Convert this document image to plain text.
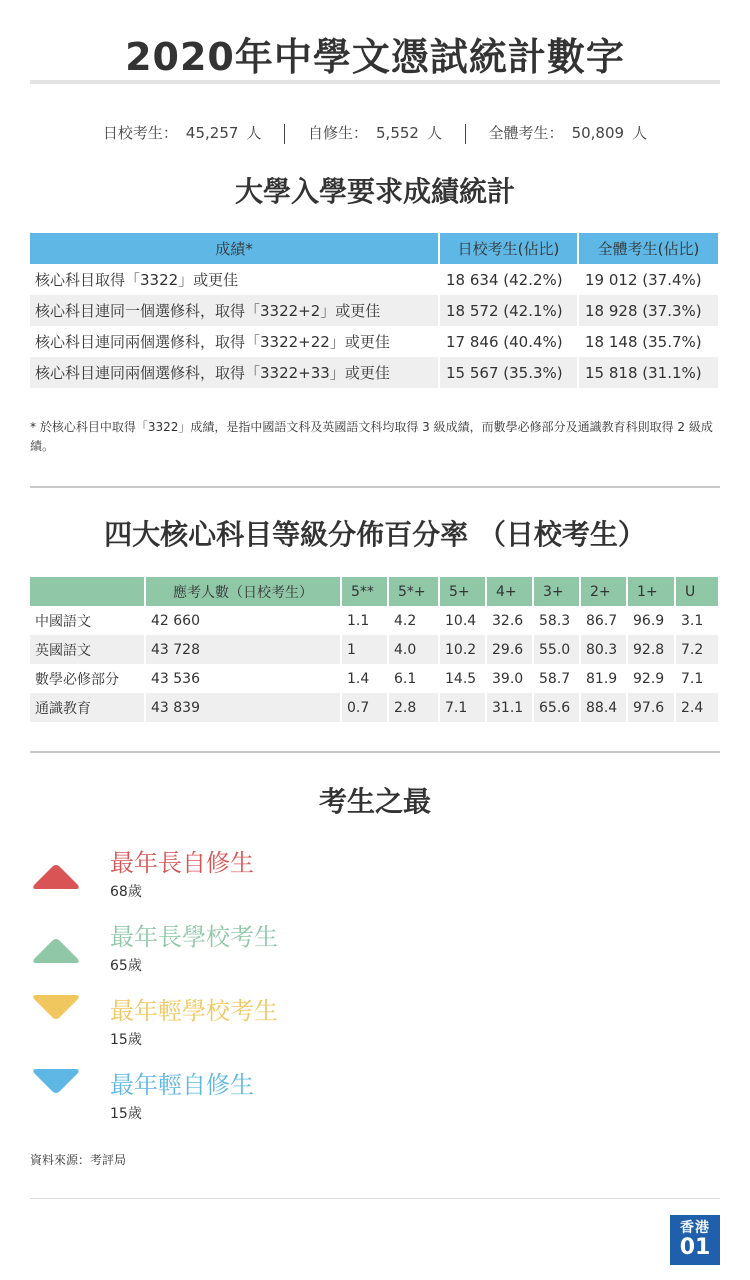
2020年中學文憑試統計數字
日校考生： 45,257 人	自修生： 5,552 人	全體考生： 50,809 人
大學入學要求成績統計
成績*	日校考生(佔比)	全體考生(佔比)
核心科目取得「3322」或更佳	18 634 (42.2%)	19 012 (37.4%)
核心科目連同一個選修科，取得「3322+2」或更佳	18 572 (42.1%)	18 928 (37.3%)
核心科目連同兩個選修科，取得「3322+22」或更佳	17 846 (40.4%)	18 148 (35.7%)
核心科目連同兩個選修科，取得「3322+33」或更佳	15 567 (35.3%)	15 818 (31.1%)
* 於核心科目中取得「3322」成績，是指中國語文科及英國語文科均取得 3 級成績，而數學必修部分及通識教育科則取得 2 級成績。
四大核心科目等級分佈百分率 （日校考生）
	應考人數（日校考生）	5**	5*+	5+	4+	3+	2+	1+	U
中國語文	42 660	1.1	4.2	10.4	32.6	58.3	86.7	96.9	3.1
英國語文	43 728	1	4.0	10.2	29.6	55.0	80.3	92.8	7.2
數學必修部分	43 536	1.4	6.1	14.5	39.0	58.7	81.9	92.9	7.1
通識教育	43 839	0.7	2.8	7.1	31.1	65.6	88.4	97.6	2.4
考生之最
最年長自修生
68歲
最年長學校考生
65歲
最年輕學校考生
15歲
最年輕自修生
15歲
資料來源：考評局
香港
01
